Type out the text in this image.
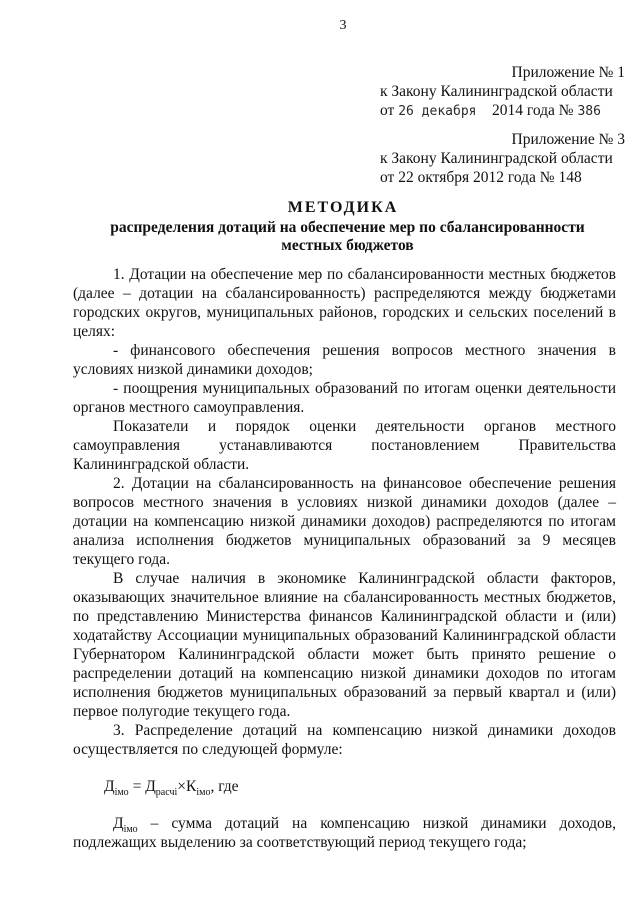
3
Приложение № 1
к Закону Калининградской области
от 26 декабря 2014 года № 386
Приложение № 3
к Закону Калининградской области
от 22 октября 2012 года № 148
МЕТОДИКА
распределения дотаций на обеспечение мер по сбалансированности местных бюджетов

1. Дотации на обеспечение мер по сбалансированности местных бюджетов (далее – дотации на сбалансированность) распределяются между бюджетами городских округов, муниципальных районов, городских и сельских поселений в целях:

- финансового обеспечения решения вопросов местного значения в условиях низкой динамики доходов;

- поощрения муниципальных образований по итогам оценки деятельности органов местного самоуправления.

Показатели и порядок оценки деятельности органов местного самоуправления устанавливаются постановлением Правительства Калининградской области.

2. Дотации на сбалансированность на финансовое обеспечение решения вопросов местного значения в условиях низкой динамики доходов (далее – дотации на компенсацию низкой динамики доходов) распределяются по итогам анализа исполнения бюджетов муниципальных образований за 9 месяцев текущего года.

В случае наличия в экономике Калининградской области факторов, оказывающих значительное влияние на сбалансированность местных бюджетов, по представлению Министерства финансов Калининградской области и (или) ходатайству Ассоциации муниципальных образований Калининградской области Губернатором Калининградской области может быть принято решение о распределении дотаций на компенсацию низкой динамики доходов по итогам исполнения бюджетов муниципальных образований за первый квартал и (или) первое полугодие текущего года.

3. Распределение дотаций на компенсацию низкой динамики доходов осуществляется по следующей формуле:

$Д_{iмо} = Д_{расчi}\times К_{iмо}$, где

$Д_{iмо}$ – сумма дотаций на компенсацию низкой динамики доходов, подлежащих выделению за соответствующий период текущего года;
